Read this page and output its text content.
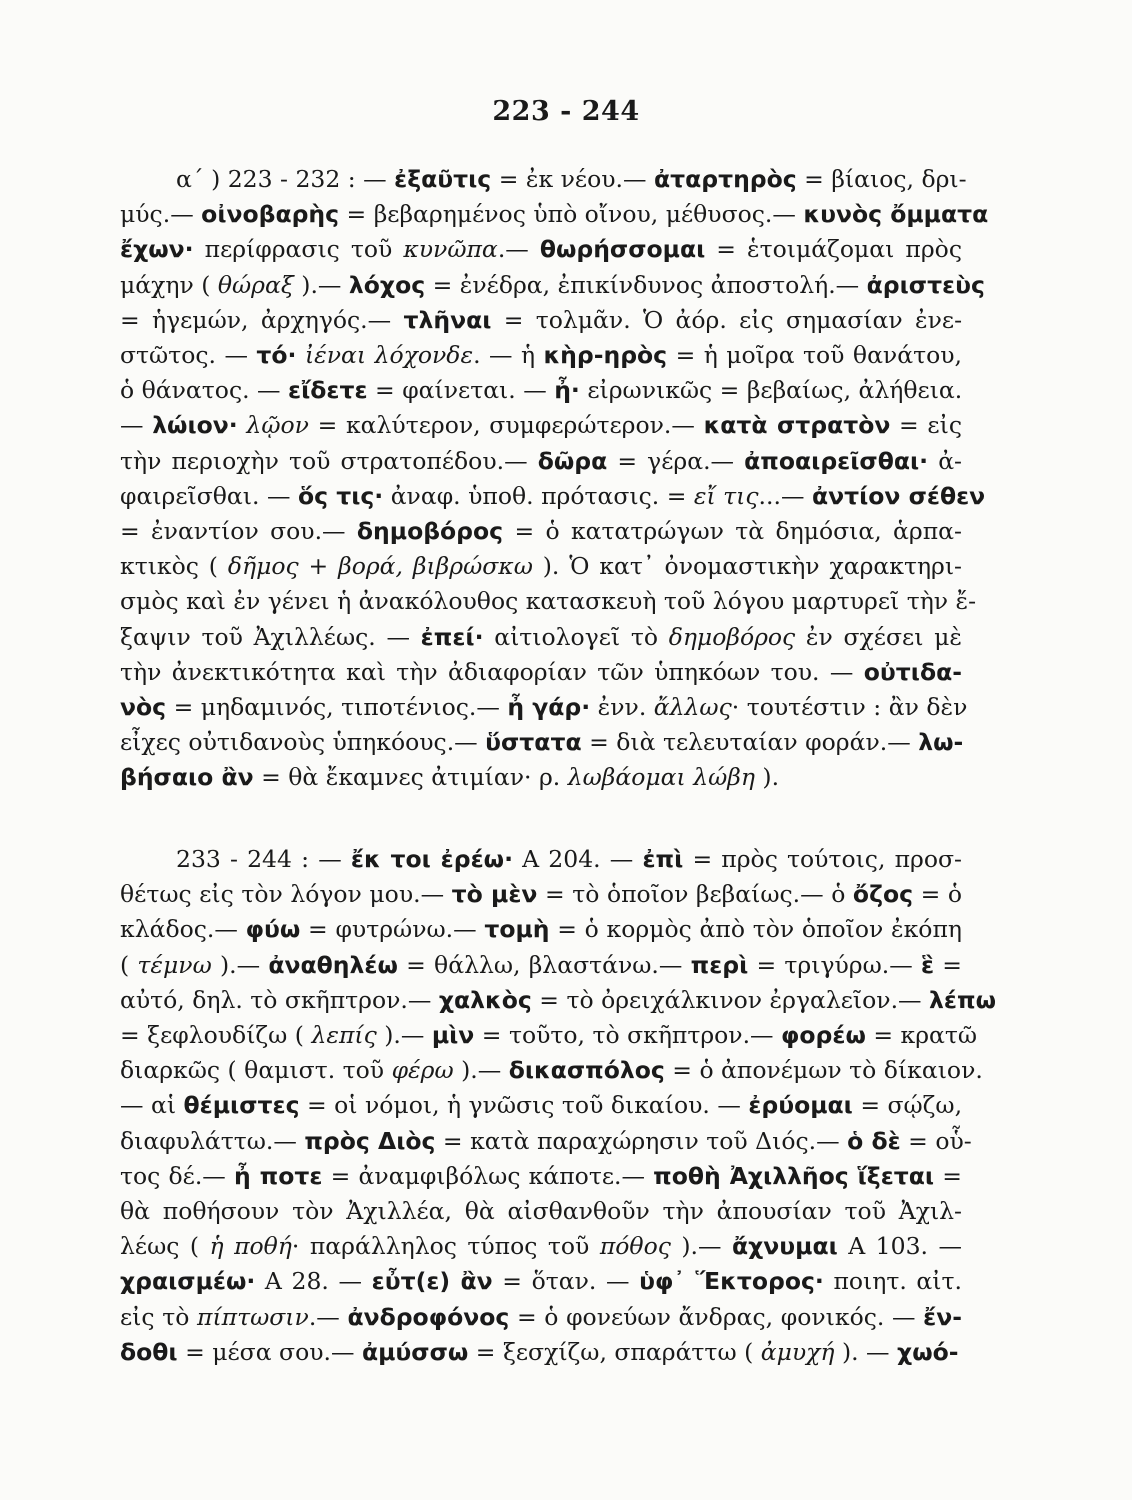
223 - 244
α΄ ) 223 - 232 : — ἐξαῦτις = ἐκ νέου.— ἀταρτηρὸς = βίαιος, δρι-
μύς.— οἰνοβαρὴς = βεβαρημένος ὑπὸ οἴνου, μέθυσος.— κυνὸς ὄμματα
ἔχων· περίφρασις τοῦ κυνῶπα.— θωρήσσομαι = ἑτοιμάζομαι πρὸς
μάχην ( θώραξ ).— λόχος = ἐνέδρα, ἐπικίνδυνος ἀποστολή.— ἀριστεὺς
= ἡγεμών, ἀρχηγός.— τλῆναι = τολμᾶν. Ὁ ἀόρ. εἰς σημασίαν ἐνε-
στῶτος. — τό· ἰέναι λόχονδε. — ἡ κὴρ-ηρὸς = ἡ μοῖρα τοῦ θανάτου,
ὁ θάνατος. — εἴδετε = φαίνεται. — ἦ· εἰρωνικῶς = βεβαίως, ἀλήθεια.
— λώιον· λῷον = καλύτερον, συμφερώτερον.— κατὰ στρατὸν = εἰς
τὴν περιοχὴν τοῦ στρατοπέδου.— δῶρα = γέρα.— ἀποαιρεῖσθαι· ἀ-
φαιρεῖσθαι. — ὅς τις· ἀναφ. ὑποθ. πρότασις. = εἴ τις...— ἀντίον σέθεν
= ἐναντίον σου.— δημοβόρος = ὁ κατατρώγων τὰ δημόσια, ἁρπα-
κτικὸς ( δῆμος + βορά, βιβρώσκω ). Ὁ κατ᾽ ὀνομαστικὴν χαρακτηρι-
σμὸς καὶ ἐν γένει ἡ ἀνακόλουθος κατασκευὴ τοῦ λόγου μαρτυρεῖ τὴν ἔ-
ξαψιν τοῦ Ἀχιλλέως. — ἐπεί· αἰτιολογεῖ τὸ δημοβόρος ἐν σχέσει μὲ
τὴν ἀνεκτικότητα καὶ τὴν ἀδιαφορίαν τῶν ὑπηκόων του. — οὐτιδα-
νὸς = μηδαμινός, τιποτένιος.— ἦ γάρ· ἐνν. ἄλλως· τουτέστιν : ἂν δὲν
εἶχες οὐτιδανοὺς ὑπηκόους.— ὕστατα = διὰ τελευταίαν φοράν.— λω-
βήσαιο ἂν = θὰ ἔκαμνες ἀτιμίαν· ρ. λωβάομαι λώβη ).
233 - 244 : — ἔκ τοι ἐρέω· Α 204. — ἐπὶ = πρὸς τούτοις, προσ-
θέτως εἰς τὸν λόγον μου.— τὸ μὲν = τὸ ὁποῖον βεβαίως.— ὁ ὄζος = ὁ
κλάδος.— φύω = φυτρώνω.— τομὴ = ὁ κορμὸς ἀπὸ τὸν ὁποῖον ἐκόπη
( τέμνω ).— ἀναθηλέω = θάλλω, βλαστάνω.— περὶ = τριγύρω.— ἓ =
αὐτό, δηλ. τὸ σκῆπτρον.— χαλκὸς = τὸ ὀρειχάλκινον ἐργαλεῖον.— λέπω
= ξεφλουδίζω ( λεπίς ).— μὶν = τοῦτο, τὸ σκῆπτρον.— φορέω = κρατῶ
διαρκῶς ( θαμιστ. τοῦ φέρω ).— δικασπόλος = ὁ ἀπονέμων τὸ δίκαιον.
— αἱ θέμιστες = οἱ νόμοι, ἡ γνῶσις τοῦ δικαίου. — ἐρύομαι = σῴζω,
διαφυλάττω.— πρὸς Διὸς = κατὰ παραχώρησιν τοῦ Διός.— ὁ δὲ = οὗ-
τος δέ.— ἦ ποτε = ἀναμφιβόλως κάποτε.— ποθὴ Ἀχιλλῆος ἵξεται =
θὰ ποθήσουν τὸν Ἀχιλλέα, θὰ αἰσθανθοῦν τὴν ἀπουσίαν τοῦ Ἀχιλ-
λέως ( ἡ ποθή· παράλληλος τύπος τοῦ πόθος ).— ἄχνυμαι Α 103. —
χραισμέω· Α 28. — εὖτ(ε) ἂν = ὅταν. — ὑφ᾽ Ἕκτορος· ποιητ. αἰτ.
εἰς τὸ πίπτωσιν.— ἀνδροφόνος = ὁ φονεύων ἄνδρας, φονικός. — ἔν-
δοθι = μέσα σου.— ἀμύσσω = ξεσχίζω, σπαράττω ( ἀμυχή ). — χωό-
